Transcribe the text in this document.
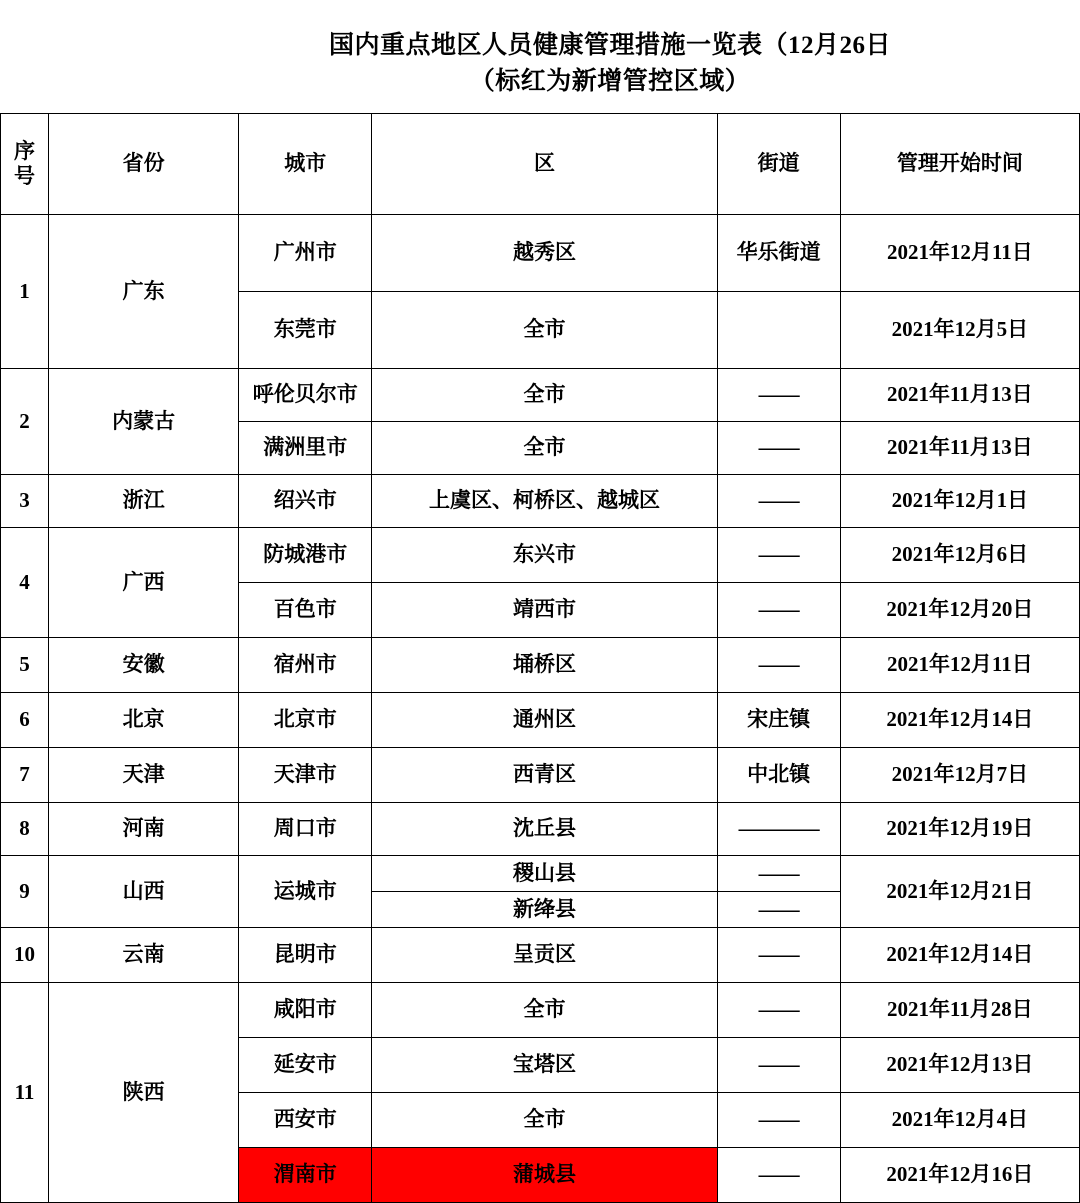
国内重点地区人员健康管理措施一览表（12月26日
（标红为新增管控区域）
序号	省份	城市	区	街道	管理开始时间
1	广东	广州市	越秀区	华乐街道	2021年12月11日
		东莞市	全市		2021年12月5日
2	内蒙古	呼伦贝尔市	全市	——	2021年11月13日
		满洲里市	全市	——	2021年11月13日
3	浙江	绍兴市	上虞区、柯桥区、越城区	——	2021年12月1日
4	广西	防城港市	东兴市	——	2021年12月6日
		百色市	靖西市	——	2021年12月20日
5	安徽	宿州市	埇桥区	——	2021年12月11日
6	北京	北京市	通州区	宋庄镇	2021年12月14日
7	天津	天津市	西青区	中北镇	2021年12月7日
8	河南	周口市	沈丘县	————	2021年12月19日
9	山西	运城市	稷山县	——	2021年12月21日
			新绛县	——	
10	云南	昆明市	呈贡区	——	2021年12月14日
11	陕西	咸阳市	全市	——	2021年11月28日
		延安市	宝塔区	——	2021年12月13日
		西安市	全市	——	2021年12月4日
		渭南市	蒲城县	——	2021年12月16日
